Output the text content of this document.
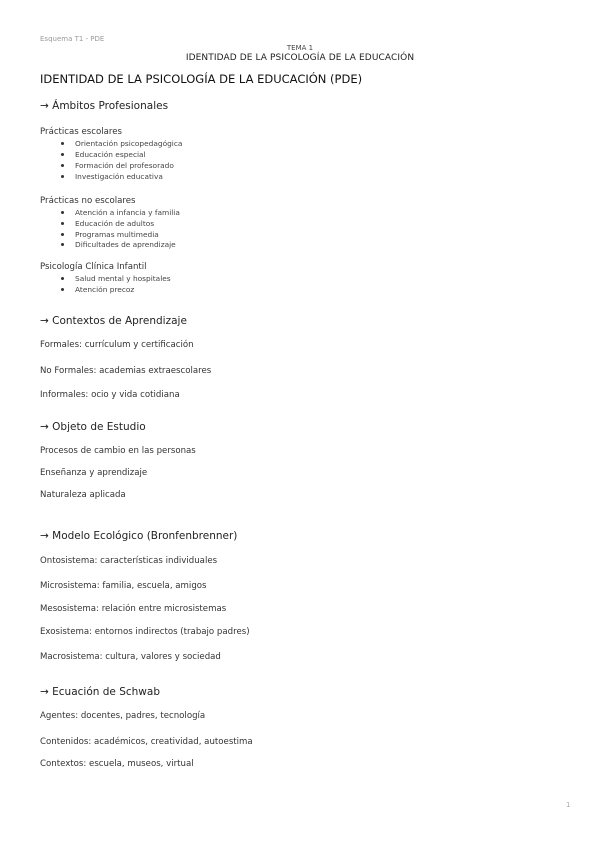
Esquema T1 - PDE
TEMA 1
IDENTIDAD DE LA PSICOLOGÍA DE LA EDUCACIÓN
IDENTIDAD DE LA PSICOLOGÍA DE LA EDUCACIÓN (PDE)
→ Ámbitos Profesionales
Prácticas escolares
Orientación psicopedagógica
Educación especial
Formación del profesorado
Investigación educativa
Prácticas no escolares
Atención a infancia y familia
Educación de adultos
Programas multimedia
Dificultades de aprendizaje
Psicología Clínica Infantil
Salud mental y hospitales
Atención precoz
→ Contextos de Aprendizaje
Formales: currículum y certificación
No Formales: academias extraescolares
Informales: ocio y vida cotidiana
→ Objeto de Estudio
Procesos de cambio en las personas
Enseñanza y aprendizaje
Naturaleza aplicada
→ Modelo Ecológico (Bronfenbrenner)
Ontosistema: características individuales
Microsistema: familia, escuela, amigos
Mesosistema: relación entre microsistemas
Exosistema: entornos indirectos (trabajo padres)
Macrosistema: cultura, valores y sociedad
→ Ecuación de Schwab
Agentes: docentes, padres, tecnología
Contenidos: académicos, creatividad, autoestima
Contextos: escuela, museos, virtual
1
